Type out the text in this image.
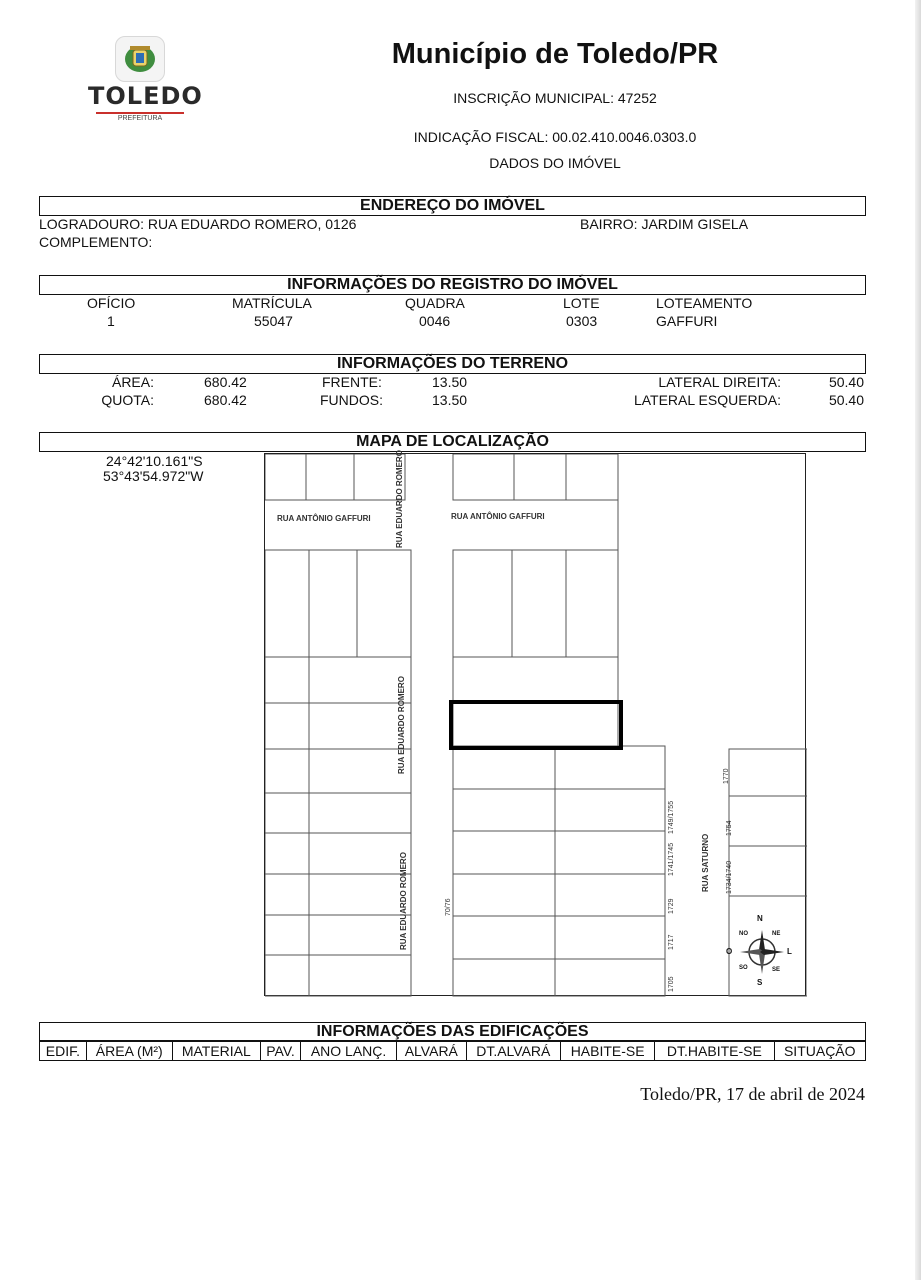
TOLEDO
PREFEITURA
Município de Toledo/PR
INSCRIÇÃO MUNICIPAL: 47252
INDICAÇÃO FISCAL: 00.02.410.0046.0303.0
DADOS DO IMÓVEL
ENDEREÇO DO IMÓVEL
LOGRADOURO: RUA EDUARDO ROMERO, 0126	BAIRRO: JARDIM GISELA
COMPLEMENTO:
INFORMAÇÕES DO REGISTRO DO IMÓVEL
OFÍCIO	MATRÍCULA	QUADRA	LOTE	LOTEAMENTO
1	55047	0046	0303	GAFFURI
INFORMAÇÕES DO TERRENO
ÁREA:	680.42	FRENTE:	13.50	LATERAL DIREITA:	50.40
QUOTA:	680.42	FUNDOS:	13.50	LATERAL ESQUERDA:	50.40
MAPA DE LOCALIZAÇÃO
24°42'10.161"S
53°43'54.972"W
RUA ANTÔNIO GAFFURI	RUA ANTÔNIO GAFFURI
RUA EDUARDO ROMERO
RUA EDUARDO ROMERO
RUA EDUARDO ROMERO	RUA SATURNO
1770
1749/1755	1754
1741/1745
1734/1740
1729
1717
1705
70/76
N
S
O	L
NO	NE
SO	SE
INFORMAÇÕES DAS EDIFICAÇÕES
EDIF.	ÁREA (M²)	MATERIAL	PAV.	ANO LANÇ.	ALVARÁ	DT.ALVARÁ	HABITE-SE	DT.HABITE-SE	SITUAÇÃO
Toledo/PR, 17 de abril de 2024
